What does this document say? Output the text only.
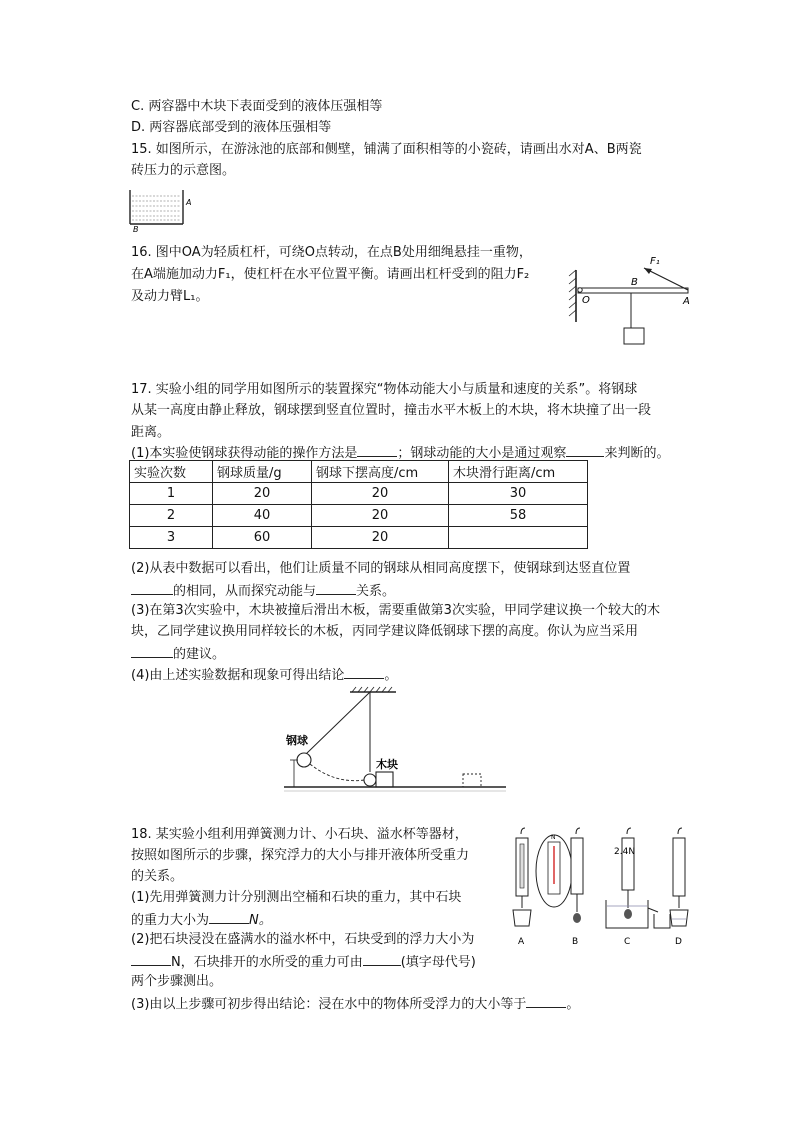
C. 两容器中木块下表面受到的液体压强相等
D. 两容器底部受到的液体压强相等
15. 如图所示，在游泳池的底部和侧壁，铺满了面积相等的小瓷砖，请画出水对A、B两瓷
砖压力的示意图。
A
B
16. 图中OA为轻质杠杆，可绕O点转动，在点B处用细绳悬挂一重物，
在A端施加动力F₁，使杠杆在水平位置平衡。请画出杠杆受到的阻力F₂
及动力臂L₁。
F₁
O
B
A
17. 实验小组的同学用如图所示的装置探究“物体动能大小与质量和速度的关系”。将钢球
从某一高度由静止释放，钢球摆到竖直位置时，撞击水平木板上的木块，将木块撞了出一段
距离。
(1)本实验使钢球获得动能的操作方法是	；钢球动能的大小是通过观察	来判断的。
实验次数	钢球质量/g	钢球下摆高度/cm	木块滑行距离/cm
1	20	20	30
2	40	20	58
3	60	20	
(2)从表中数据可以看出，他们让质量不同的钢球从相同高度摆下，使钢球到达竖直位置
的相同，从而探究动能与	关系。
(3)在第3次实验中，木块被撞后滑出木板，需要重做第3次实验，甲同学建议换一个较大的木
块，乙同学建议换用同样较长的木板，丙同学建议降低钢球下摆的高度。你认为应当采用
的建议。
(4)由上述实验数据和现象可得出结论	。
钢球
木块
18. 某实验小组利用弹簧测力计、小石块、溢水杯等器材，
按照如图所示的步骤，探究浮力的大小与排开液体所受重力
的关系。
(1)先用弹簧测力计分别测出空桶和石块的重力，其中石块
的重力大小为	N。
(2)把石块浸没在盛满水的溢水杯中，石块受到的浮力大小为
N，石块排开的水所受的重力可由	(填字母代号)
两个步骤测出。
(3)由以上步骤可初步得出结论：浸在水中的物体所受浮力的大小等于	。
N
2.4N
A	B	C	D
